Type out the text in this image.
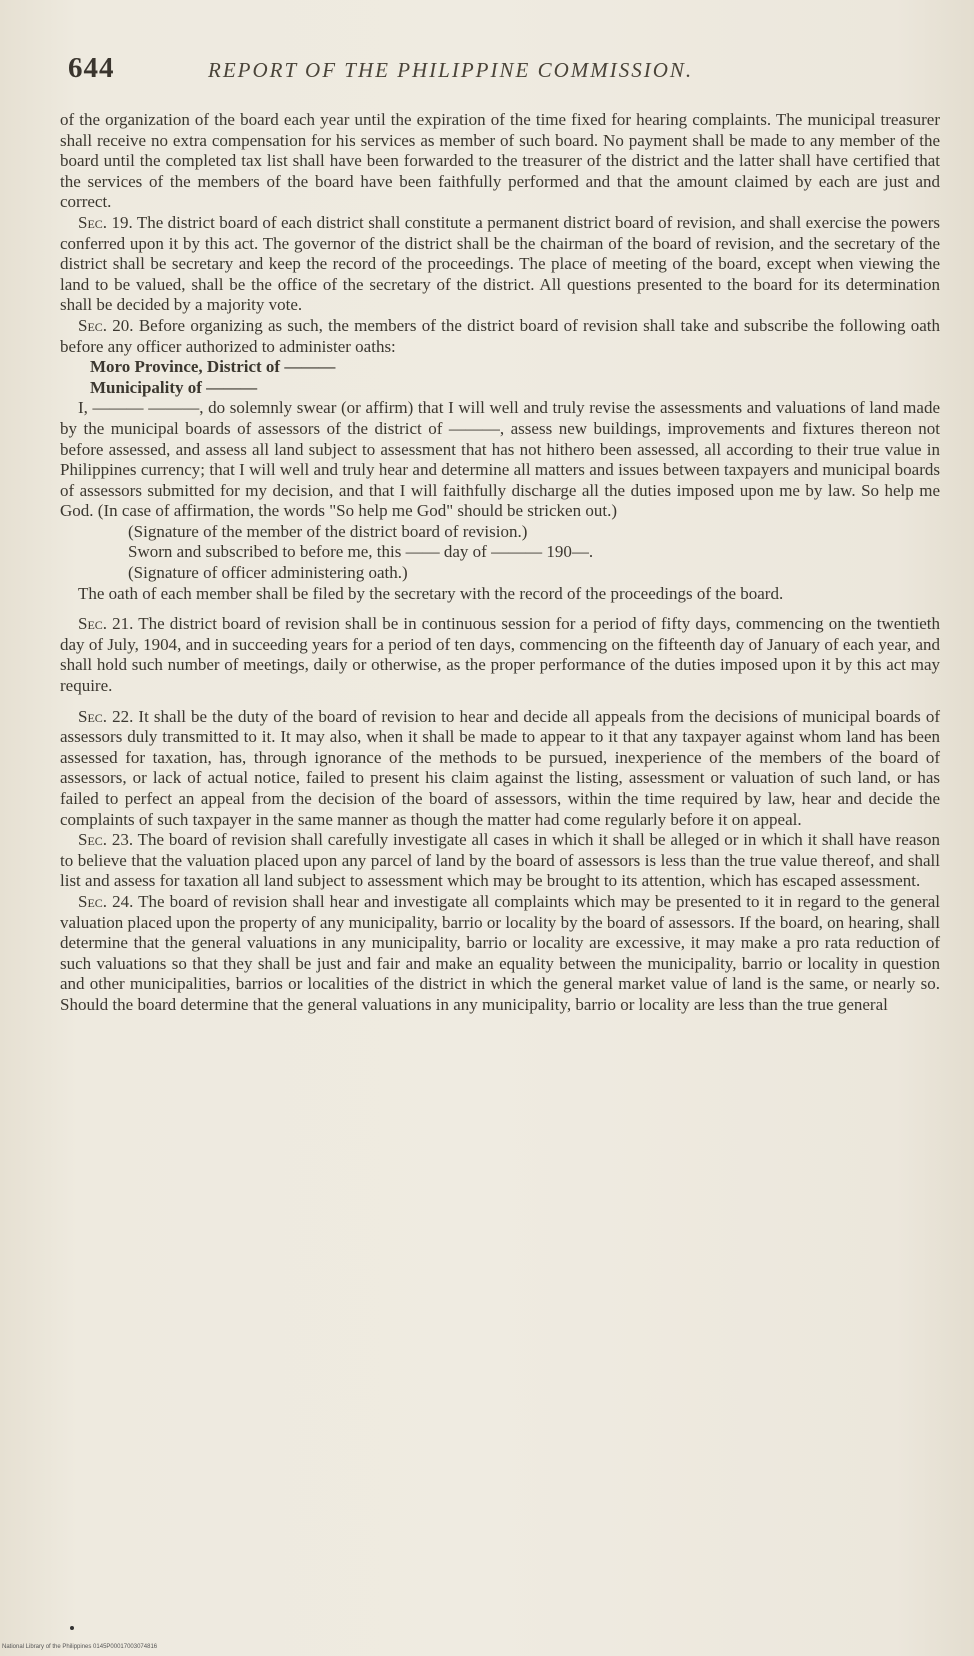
644	REPORT OF THE PHILIPPINE COMMISSION.

of the organization of the board each year until the expiration of the time fixed for hearing complaints. The municipal treasurer shall receive no extra compensation for his services as member of such board. No payment shall be made to any member of the board until the completed tax list shall have been forwarded to the treasurer of the district and the latter shall have certified that the services of the members of the board have been faithfully performed and that the amount claimed by each are just and correct.

Sec. 19. The district board of each district shall constitute a permanent district board of revision, and shall exercise the powers conferred upon it by this act. The governor of the district shall be the chairman of the board of revision, and the secretary of the district shall be secretary and keep the record of the proceedings. The place of meeting of the board, except when viewing the land to be valued, shall be the office of the secretary of the district. All questions presented to the board for its determination shall be decided by a majority vote.

Sec. 20. Before organizing as such, the members of the district board of revision shall take and subscribe the following oath before any officer authorized to administer oaths:

Moro Province, District of ———

Municipality of ———

I, ——— ———, do solemnly swear (or affirm) that I will well and truly revise the assessments and valuations of land made by the municipal boards of assessors of the district of ———, assess new buildings, improvements and fixtures thereon not before assessed, and assess all land subject to assessment that has not hithero been assessed, all according to their true value in Philippines currency; that I will well and truly hear and determine all matters and issues between taxpayers and municipal boards of assessors submitted for my decision, and that I will faithfully discharge all the duties imposed upon me by law. So help me God. (In case of affirmation, the words "So help me God" should be stricken out.)

(Signature of the member of the district board of revision.)

Sworn and subscribed to before me, this —— day of ——— 190—.

(Signature of officer administering oath.)

The oath of each member shall be filed by the secretary with the record of the proceedings of the board.

Sec. 21. The district board of revision shall be in continuous session for a period of fifty days, commencing on the twentieth day of July, 1904, and in succeeding years for a period of ten days, commencing on the fifteenth day of January of each year, and shall hold such number of meetings, daily or otherwise, as the proper performance of the duties imposed upon it by this act may require.

Sec. 22. It shall be the duty of the board of revision to hear and decide all appeals from the decisions of municipal boards of assessors duly transmitted to it. It may also, when it shall be made to appear to it that any taxpayer against whom land has been assessed for taxation, has, through ignorance of the methods to be pursued, inexperience of the members of the board of assessors, or lack of actual notice, failed to present his claim against the listing, assessment or valuation of such land, or has failed to perfect an appeal from the decision of the board of assessors, within the time required by law, hear and decide the complaints of such taxpayer in the same manner as though the matter had come regularly before it on appeal.

Sec. 23. The board of revision shall carefully investigate all cases in which it shall be alleged or in which it shall have reason to believe that the valuation placed upon any parcel of land by the board of assessors is less than the true value thereof, and shall list and assess for taxation all land subject to assessment which may be brought to its attention, which has escaped assessment.

Sec. 24. The board of revision shall hear and investigate all complaints which may be presented to it in regard to the general valuation placed upon the property of any municipality, barrio or locality by the board of assessors. If the board, on hearing, shall determine that the general valuations in any municipality, barrio or locality are excessive, it may make a pro rata reduction of such valuations so that they shall be just and fair and make an equality between the municipality, barrio or locality in question and other municipalities, barrios or localities of the district in which the general market value of land is the same, or nearly so. Should the board determine that the general valuations in any municipality, barrio or locality are less than the true general

National Library of the Philippines 0145P00017003074816
